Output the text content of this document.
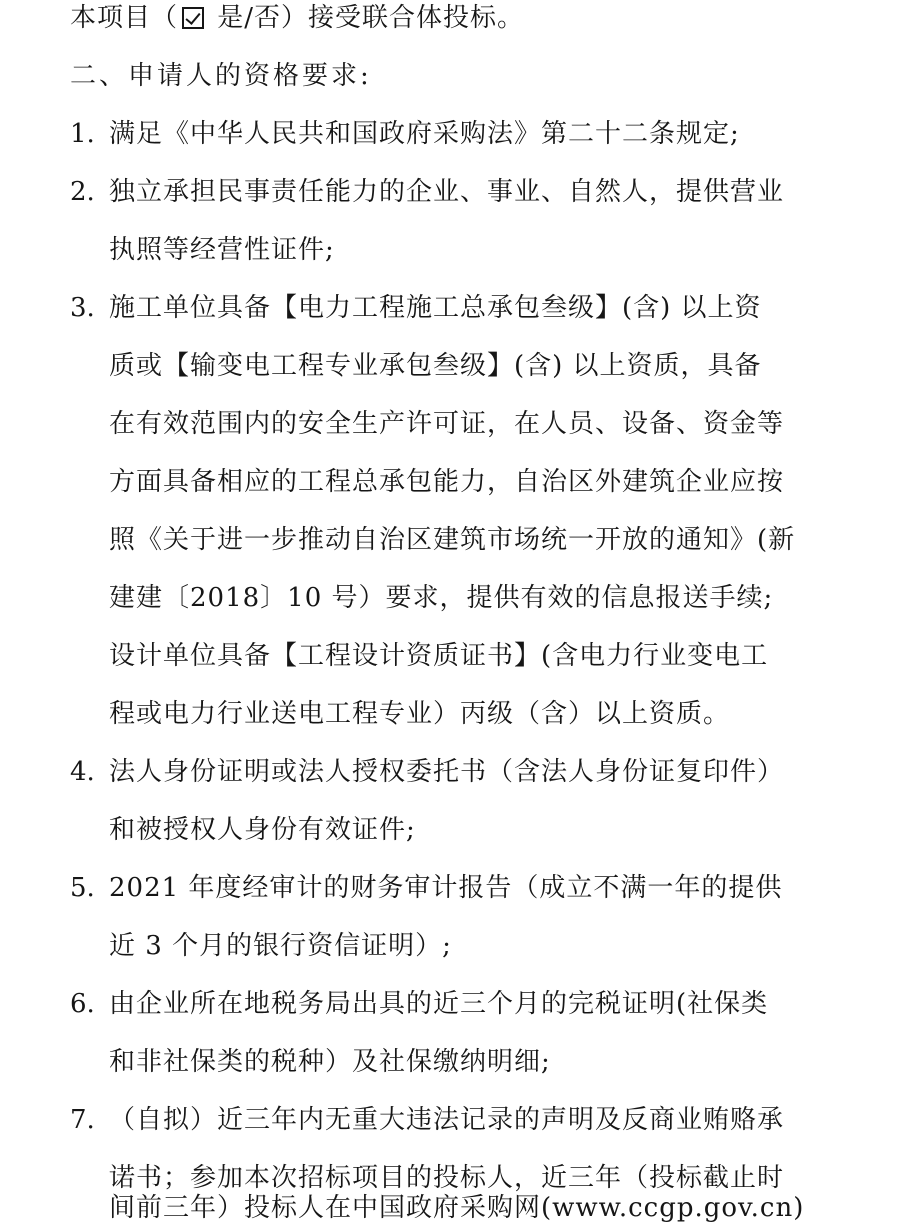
本项目（ 是/否）接受联合体投标。
二、申请人的资格要求:
1. 满足《中华人民共和国政府采购法》第二十二条规定;
2. 独立承担民事责任能力的企业、事业、自然人，提供营业
执照等经营性证件;
3. 施工单位具备【电力工程施工总承包叁级】(含) 以上资
质或【输变电工程专业承包叁级】(含) 以上资质，具备
在有效范围内的安全生产许可证，在人员、设备、资金等
方面具备相应的工程总承包能力，自治区外建筑企业应按
照《关于进一步推动自治区建筑市场统一开放的通知》(新
建建〔2018〕10 号）要求，提供有效的信息报送手续;
设计单位具备【工程设计资质证书】(含电力行业变电工
程或电力行业送电工程专业）丙级（含）以上资质。
4. 法人身份证明或法人授权委托书（含法人身份证复印件）
和被授权人身份有效证件;
5. 2021 年度经审计的财务审计报告（成立不满一年的提供
近 3 个月的银行资信证明）;
6. 由企业所在地税务局出具的近三个月的完税证明(社保类
和非社保类的税种）及社保缴纳明细;
7. （自拟）近三年内无重大违法记录的声明及反商业贿赂承
诺书；参加本次招标项目的投标人，近三年（投标截止时
间前三年）投标人在中国政府采购网(www.ccgp.gov.cn)
